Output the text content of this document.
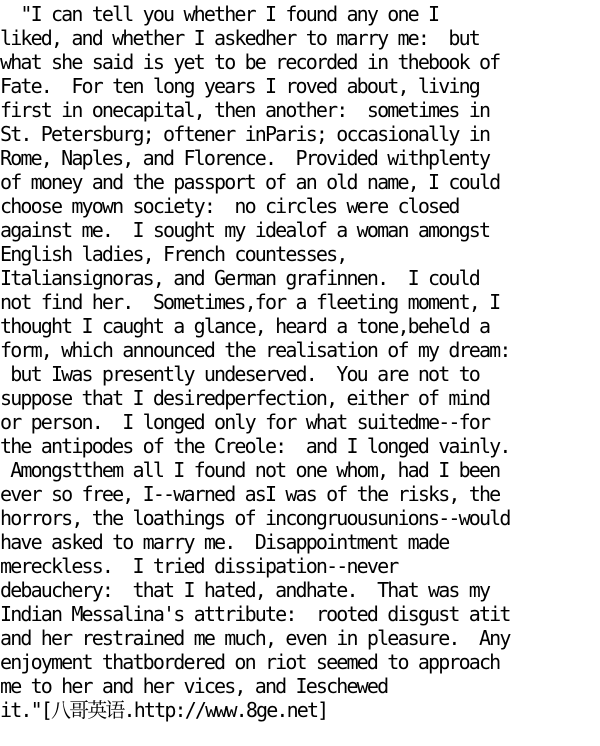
"I can tell you whether I found any one I
liked, and whether I askedher to marry me:  but
what she said is yet to be recorded in thebook of
Fate.  For ten long years I roved about, living
first in onecapital, then another:  sometimes in
St. Petersburg; oftener inParis; occasionally in
Rome, Naples, and Florence.  Provided withplenty
of money and the passport of an old name, I could
choose myown society:  no circles were closed
against me.  I sought my idealof a woman amongst
English ladies, French countesses,
Italiansignoras, and German grafinnen.  I could
not find her.  Sometimes,for a fleeting moment, I
thought I caught a glance, heard a tone,beheld a
form, which announced the realisation of my dream:
but Iwas presently undeserved.  You are not to
suppose that I desiredperfection, either of mind
or person.  I longed only for what suitedme--for
the antipodes of the Creole:  and I longed vainly.
Amongstthem all I found not one whom, had I been
ever so free, I--warned asI was of the risks, the
horrors, the loathings of incongruousunions--would
have asked to marry me.  Disappointment made
mereckless.  I tried dissipation--never
debauchery:  that I hated, andhate.  That was my
Indian Messalina's attribute:  rooted disgust atit
and her restrained me much, even in pleasure.  Any
enjoyment thatbordered on riot seemed to approach
me to her and her vices, and Ieschewed
it."[八哥英语.http://www.8ge.net]
